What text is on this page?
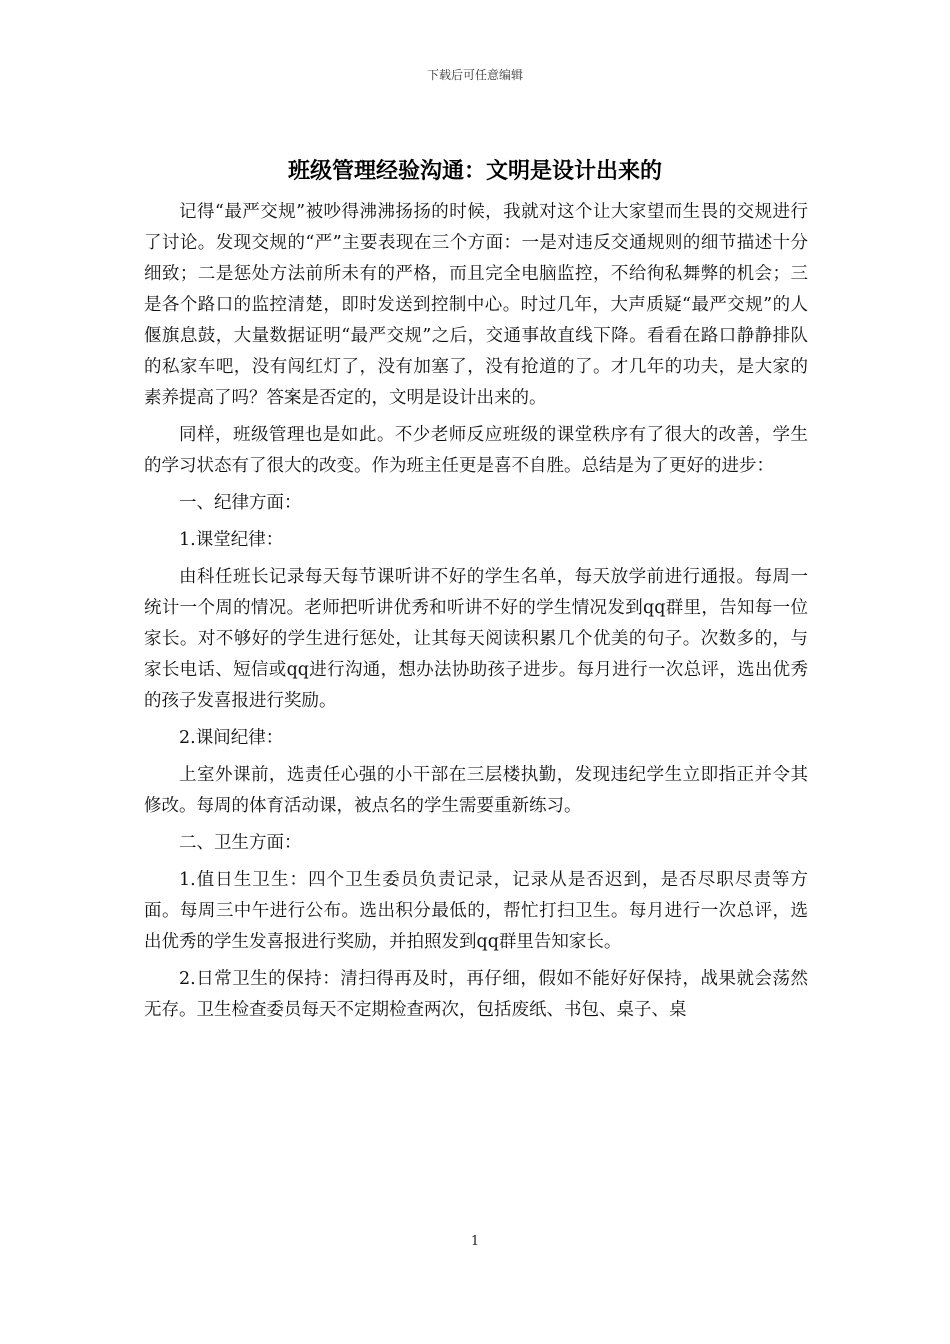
下载后可任意编辑
班级管理经验沟通：文明是设计出来的

记得“最严交规”被吵得沸沸扬扬的时候，我就对这个让大家望而生畏的交规进行了讨论。发现交规的“严”主要表现在三个方面：一是对违反交通规则的细节描述十分细致；二是惩处方法前所未有的严格，而且完全电脑监控，不给徇私舞弊的机会；三是各个路口的监控清楚，即时发送到控制中心。时过几年，大声质疑“最严交规”的人偃旗息鼓，大量数据证明“最严交规”之后，交通事故直线下降。看看在路口静静排队的私家车吧，没有闯红灯了，没有加塞了，没有抢道的了。才几年的功夫，是大家的素养提高了吗？答案是否定的，文明是设计出来的。

同样，班级管理也是如此。不少老师反应班级的课堂秩序有了很大的改善，学生的学习状态有了很大的改变。作为班主任更是喜不自胜。总结是为了更好的进步：

一、纪律方面：

1.课堂纪律：

由科任班长记录每天每节课听讲不好的学生名单，每天放学前进行通报。每周一统计一个周的情况。老师把听讲优秀和听讲不好的学生情况发到qq群里，告知每一位家长。对不够好的学生进行惩处，让其每天阅读积累几个优美的句子。次数多的，与家长电话、短信或qq进行沟通，想办法协助孩子进步。每月进行一次总评，选出优秀的孩子发喜报进行奖励。

2.课间纪律：

上室外课前，选责任心强的小干部在三层楼执勤，发现违纪学生立即指正并令其修改。每周的体育活动课，被点名的学生需要重新练习。

二、卫生方面：

1.值日生卫生：四个卫生委员负责记录，记录从是否迟到，是否尽职尽责等方面。每周三中午进行公布。选出积分最低的，帮忙打扫卫生。每月进行一次总评，选出优秀的学生发喜报进行奖励，并拍照发到qq群里告知家长。

2.日常卫生的保持：清扫得再及时，再仔细，假如不能好好保持，战果就会荡然无存。卫生检查委员每天不定期检查两次，包括废纸、书包、桌子、桌

1
